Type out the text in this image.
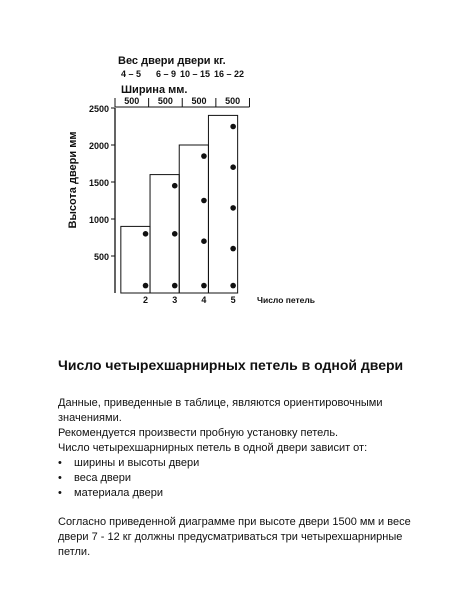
Вес двери двери кг.
4 – 5 6 – 9 10 – 15 16 – 22
Ширина мм.
500 500 500 500
Высота двери мм
2500
2000
1500
1000
500
2	3	4	5	Число петель
Число четырехшарнирных петель в одной двери

Данные, приведенные в таблице, являются ориентировочными значениями.

Рекомендуется произвести пробную установку петель.

Число четырехшарнирных петель в одной двери зависит от:

• ширины и высоты двери
• веса двери
• материала двери

Согласно приведенной диаграмме при высоте двери 1500 мм и весе двери 7 - 12 кг должны предусматриваться три четырехшарнирные петли.
